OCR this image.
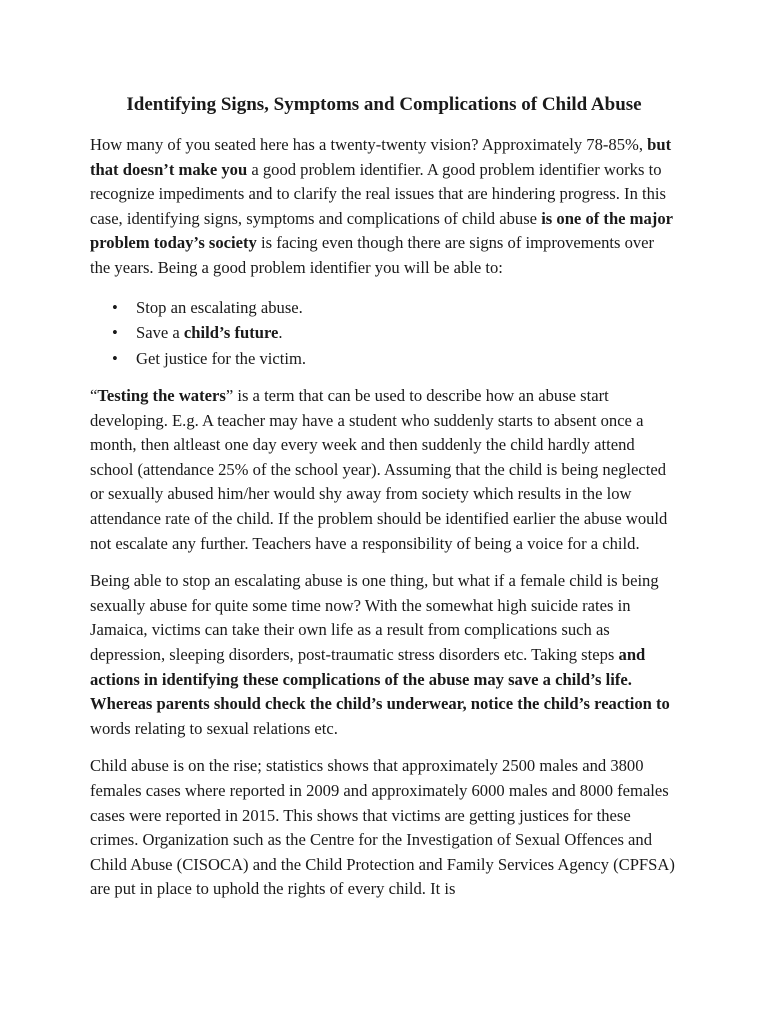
Identifying Signs, Symptoms and Complications of Child Abuse

How many of you seated here has a twenty-twenty vision? Approximately 78-85%, but that doesn’t make you a good problem identifier. A good problem identifier works to recognize impediments and to clarify the real issues that are hindering progress. In this case, identifying signs, symptoms and complications of child abuse is one of the major problem today’s society is facing even though there are signs of improvements over the years. Being a good problem identifier you will be able to:

• Stop an escalating abuse.
• Save a child’s future.
• Get justice for the victim.

“Testing the waters” is a term that can be used to describe how an abuse start developing. E.g. A teacher may have a student who suddenly starts to absent once a month, then altleast one day every week and then suddenly the child hardly attend school (attendance 25% of the school year). Assuming that the child is being neglected or sexually abused him/her would shy away from society which results in the low attendance rate of the child. If the problem should be identified earlier the abuse would not escalate any further. Teachers have a responsibility of being a voice for a child.

Being able to stop an escalating abuse is one thing, but what if a female child is being sexually abuse for quite some time now? With the somewhat high suicide rates in Jamaica, victims can take their own life as a result from complications such as depression, sleeping disorders, post-traumatic stress disorders etc. Taking steps and actions in identifying these complications of the abuse may save a child’s life. Whereas parents should check the child’s underwear, notice the child’s reaction to words relating to sexual relations etc.

Child abuse is on the rise; statistics shows that approximately 2500 males and 3800 females cases where reported in 2009 and approximately 6000 males and 8000 females cases were reported in 2015. This shows that victims are getting justices for these crimes. Organization such as the Centre for the Investigation of Sexual Offences and Child Abuse (CISOCA) and the Child Protection and Family Services Agency (CPFSA) are put in place to uphold the rights of every child. It is
